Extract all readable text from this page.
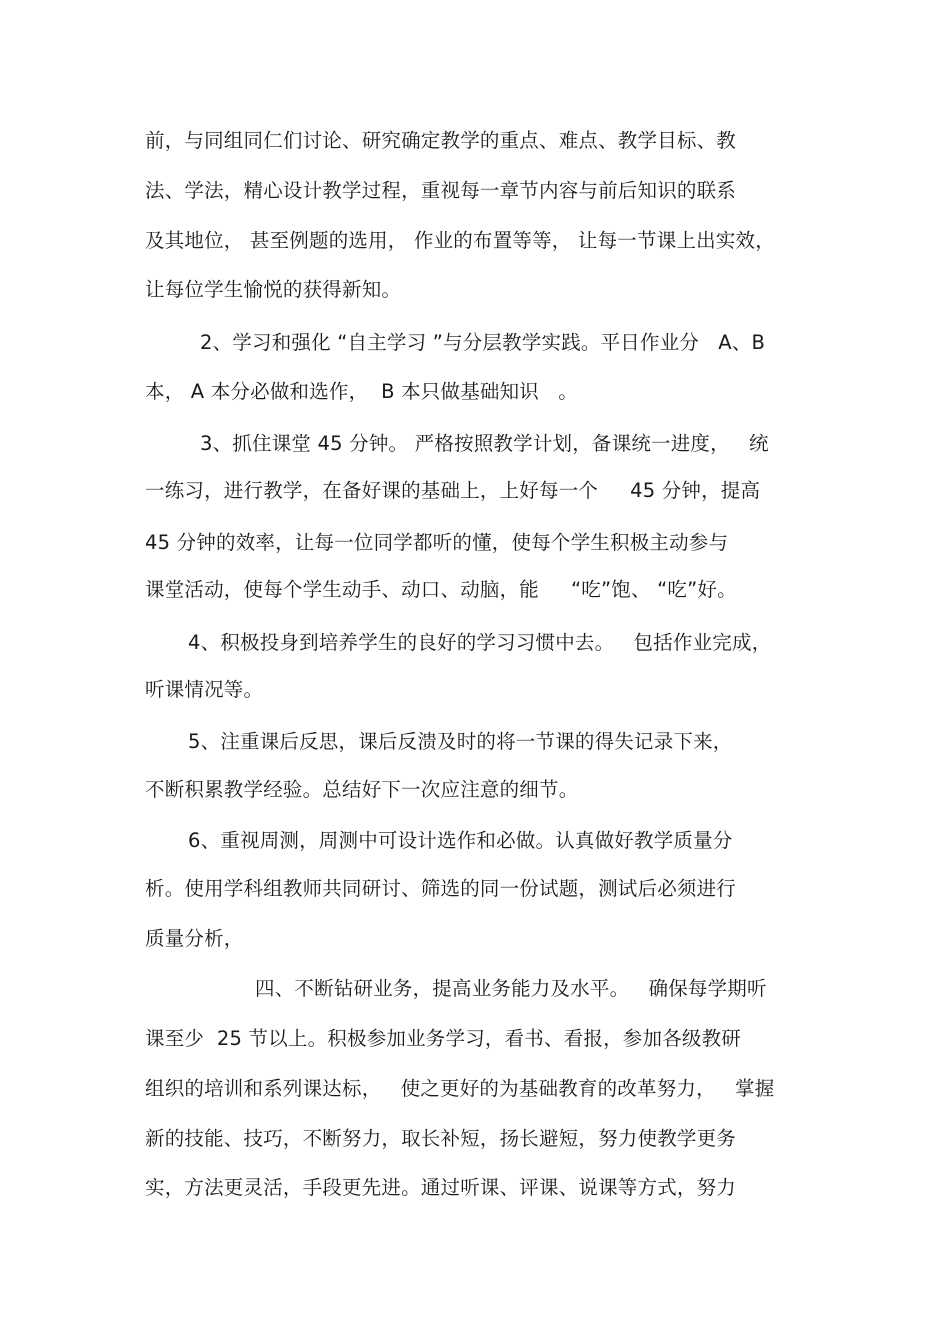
前，与同组同仁们讨论、研究确定教学的重点、难点、教学目标、教
法、学法，精心设计教学过程，重视每一章节内容与前后知识的联系
及其地位， 甚至例题的选用， 作业的布置等等， 让每一节课上出实效，
让每位学生愉悦的获得新知。
2、学习和强化 “自主学习 ”与分层教学实践。平日作业分   A、B
本， A 本分必做和选作，  B 本只做基础知识   。
3、抓住课堂 45 分钟。 严格按照教学计划，备课统一进度，   统
一练习，进行教学，在备好课的基础上，上好每一个     45 分钟，提高
45 分钟的效率，让每一位同学都听的懂，使每个学生积极主动参与
课堂活动，使每个学生动手、动口、动脑，能     “吃”饱、 “吃”好。
4、积极投身到培养学生的良好的学习习惯中去。   包括作业完成，
听课情况等。
5、注重课后反思，课后反溃及时的将一节课的得失记录下来，
不断积累教学经验。总结好下一次应注意的细节。
6、重视周测，周测中可设计选作和必做。认真做好教学质量分
析。使用学科组教师共同研讨、筛选的同一份试题，测试后必须进行
质量分析，
四、不断钻研业务，提高业务能力及水平。   确保每学期听
课至少  25 节以上。积极参加业务学习，看书、看报，参加各级教研
组织的培训和系列课达标，   使之更好的为基础教育的改革努力，   掌握
新的技能、技巧，不断努力，取长补短，扬长避短，努力使教学更务
实，方法更灵活，手段更先进。通过听课、评课、说课等方式，努力
